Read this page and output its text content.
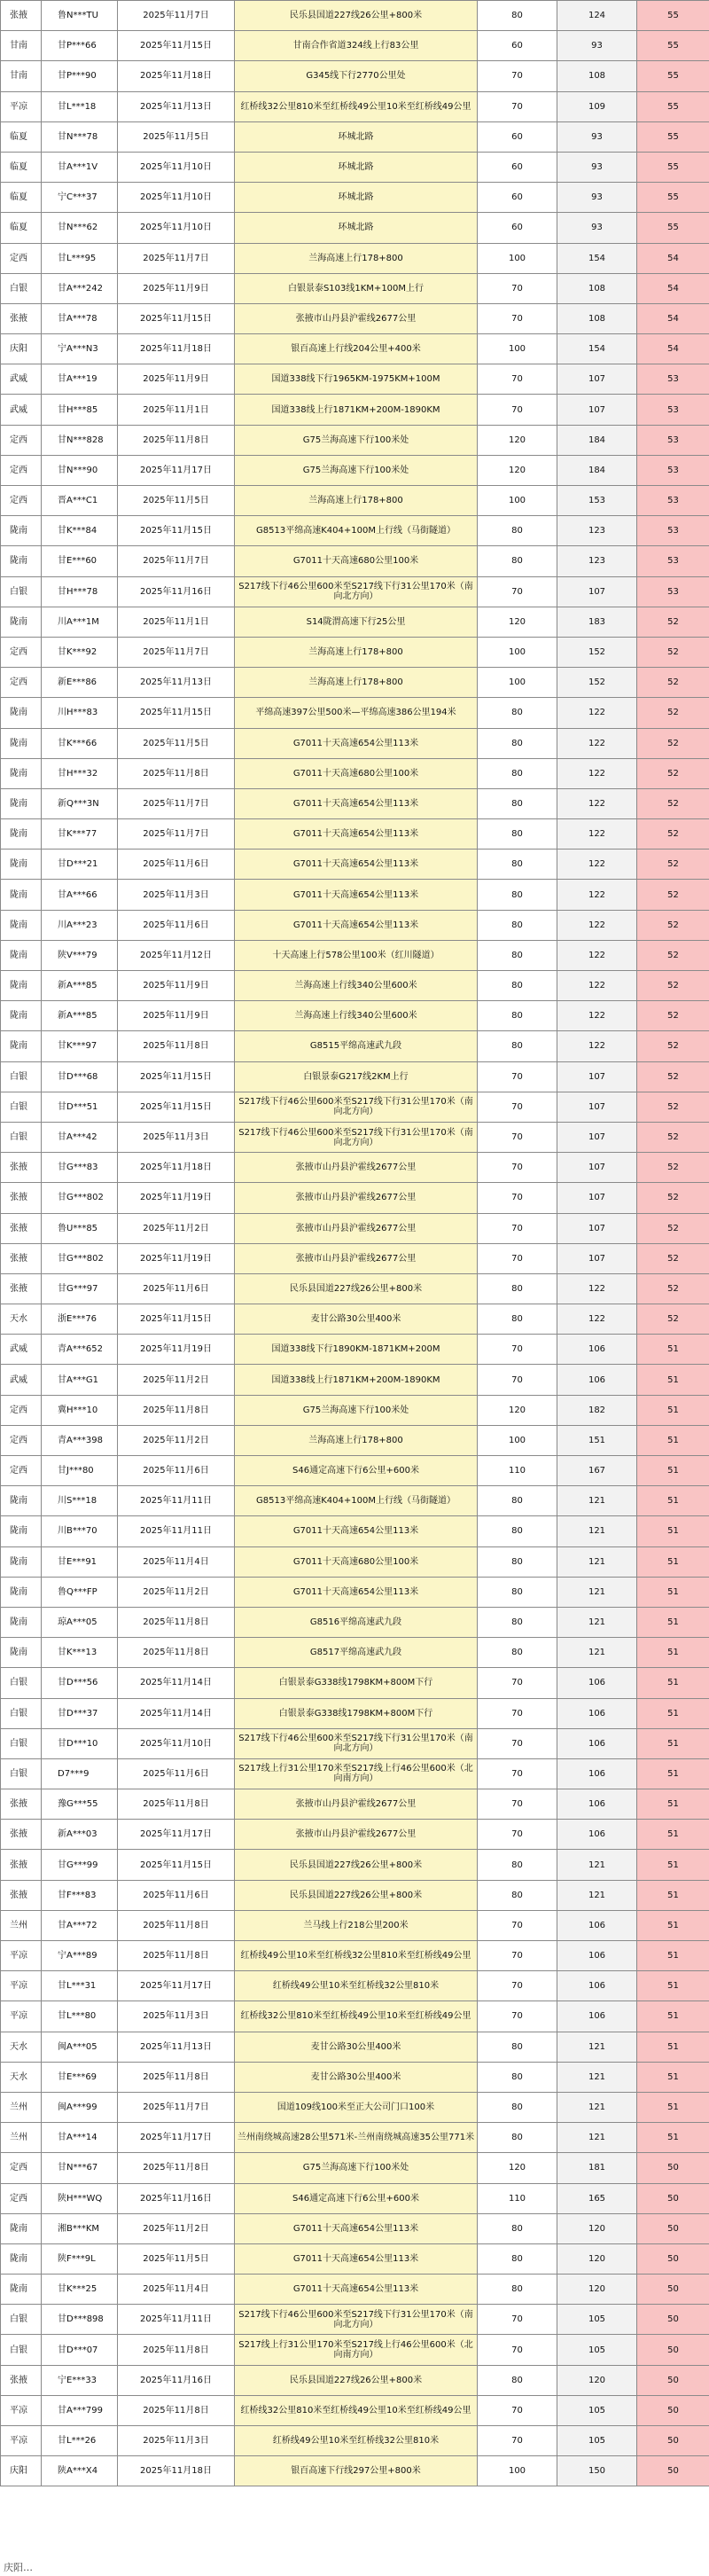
张掖	鲁N***TU	2025年11月7日	民乐县国道227线26公里+800米	80	124	55
甘南	甘P***66	2025年11月15日	甘南合作省道324线上行83公里	60	93	55
甘南	甘P***90	2025年11月18日	G345线下行2770公里处	70	108	55
平凉	甘L***18	2025年11月13日	红桥线32公里810米至红桥线49公里10米至红桥线49公里	70	109	55
临夏	甘N***78	2025年11月5日	环城北路	60	93	55
临夏	甘A***1V	2025年11月10日	环城北路	60	93	55
临夏	宁C***37	2025年11月10日	环城北路	60	93	55
临夏	甘N***62	2025年11月10日	环城北路	60	93	55
定西	甘L***95	2025年11月7日	兰海高速上行178+800	100	154	54
白银	甘A***242	2025年11月9日	白银景泰S103线1KM+100M上行	70	108	54
张掖	甘A***78	2025年11月15日	张掖市山丹县沪霍线2677公里	70	108	54
庆阳	宁A***N3	2025年11月18日	银百高速上行线204公里+400米	100	154	54
武威	甘A***19	2025年11月9日	国道338线下行1965KM-1975KM+100M	70	107	53
武威	甘H***85	2025年11月1日	国道338线上行1871KM+200M-1890KM	70	107	53
定西	甘N***828	2025年11月8日	G75兰海高速下行100米处	120	184	53
定西	甘N***90	2025年11月17日	G75兰海高速下行100米处	120	184	53
定西	晋A***C1	2025年11月5日	兰海高速上行178+800	100	153	53
陇南	甘K***84	2025年11月15日	G8513平绵高速K404+100M上行线（马街隧道）	80	123	53
陇南	甘E***60	2025年11月7日	G7011十天高速680公里100米	80	123	53
白银	甘H***78	2025年11月16日	S217线下行46公里600米至S217线下行31公里170米（南向北方向）	70	107	53
陇南	川A***1M	2025年11月1日	S14陇渭高速下行25公里	120	183	52
定西	甘K***92	2025年11月7日	兰海高速上行178+800	100	152	52
定西	新E***86	2025年11月13日	兰海高速上行178+800	100	152	52
陇南	川H***83	2025年11月15日	平绵高速397公里500米—平绵高速386公里194米	80	122	52
陇南	甘K***66	2025年11月5日	G7011十天高速654公里113米	80	122	52
陇南	甘H***32	2025年11月8日	G7011十天高速680公里100米	80	122	52
陇南	新Q***3N	2025年11月7日	G7011十天高速654公里113米	80	122	52
陇南	甘K***77	2025年11月7日	G7011十天高速654公里113米	80	122	52
陇南	甘D***21	2025年11月6日	G7011十天高速654公里113米	80	122	52
陇南	甘A***66	2025年11月3日	G7011十天高速654公里113米	80	122	52
陇南	川A***23	2025年11月6日	G7011十天高速654公里113米	80	122	52
陇南	陕V***79	2025年11月12日	十天高速上行578公里100米（红川隧道）	80	122	52
陇南	新A***85	2025年11月9日	兰海高速上行线340公里600米	80	122	52
陇南	新A***85	2025年11月9日	兰海高速上行线340公里600米	80	122	52
陇南	甘K***97	2025年11月8日	G8515平绵高速武九段	80	122	52
白银	甘D***68	2025年11月15日	白银景泰G217线2KM上行	70	107	52
白银	甘D***51	2025年11月15日	S217线下行46公里600米至S217线下行31公里170米（南向北方向）	70	107	52
白银	甘A***42	2025年11月3日	S217线下行46公里600米至S217线下行31公里170米（南向北方向）	70	107	52
张掖	甘G***83	2025年11月18日	张掖市山丹县沪霍线2677公里	70	107	52
张掖	甘G***802	2025年11月19日	张掖市山丹县沪霍线2677公里	70	107	52
张掖	鲁U***85	2025年11月2日	张掖市山丹县沪霍线2677公里	70	107	52
张掖	甘G***802	2025年11月19日	张掖市山丹县沪霍线2677公里	70	107	52
张掖	甘G***97	2025年11月6日	民乐县国道227线26公里+800米	80	122	52
天水	浙E***76	2025年11月15日	麦甘公路30公里400米	80	122	52
武威	青A***652	2025年11月19日	国道338线下行1890KM-1871KM+200M	70	106	51
武威	甘A***G1	2025年11月2日	国道338线上行1871KM+200M-1890KM	70	106	51
定西	冀H***10	2025年11月8日	G75兰海高速下行100米处	120	182	51
定西	青A***398	2025年11月2日	兰海高速上行178+800	100	151	51
定西	甘J***80	2025年11月6日	S46通定高速下行6公里+600米	110	167	51
陇南	川S***18	2025年11月11日	G8513平绵高速K404+100M上行线（马街隧道）	80	121	51
陇南	川B***70	2025年11月11日	G7011十天高速654公里113米	80	121	51
陇南	甘E***91	2025年11月4日	G7011十天高速680公里100米	80	121	51
陇南	鲁Q***FP	2025年11月2日	G7011十天高速654公里113米	80	121	51
陇南	琼A***05	2025年11月8日	G8516平绵高速武九段	80	121	51
陇南	甘K***13	2025年11月8日	G8517平绵高速武九段	80	121	51
白银	甘D***56	2025年11月14日	白银景泰G338线1798KM+800M下行	70	106	51
白银	甘D***37	2025年11月14日	白银景泰G338线1798KM+800M下行	70	106	51
白银	甘D***10	2025年11月10日	S217线下行46公里600米至S217线下行31公里170米（南向北方向）	70	106	51
白银	D7***9	2025年11月6日	S217线上行31公里170米至S217线上行46公里600米（北向南方向）	70	106	51
张掖	豫G***55	2025年11月8日	张掖市山丹县沪霍线2677公里	70	106	51
张掖	新A***03	2025年11月17日	张掖市山丹县沪霍线2677公里	70	106	51
张掖	甘G***99	2025年11月15日	民乐县国道227线26公里+800米	80	121	51
张掖	甘F***83	2025年11月6日	民乐县国道227线26公里+800米	80	121	51
兰州	甘A***72	2025年11月8日	兰马线上行218公里200米	70	106	51
平凉	宁A***89	2025年11月8日	红桥线49公里10米至红桥线32公里810米至红桥线49公里	70	106	51
平凉	甘L***31	2025年11月17日	红桥线49公里10米至红桥线32公里810米	70	106	51
平凉	甘L***80	2025年11月3日	红桥线32公里810米至红桥线49公里10米至红桥线49公里	70	106	51
天水	闽A***05	2025年11月13日	麦甘公路30公里400米	80	121	51
天水	甘E***69	2025年11月8日	麦甘公路30公里400米	80	121	51
兰州	闽A***99	2025年11月7日	国道109线100米至正大公司门口100米	80	121	51
兰州	甘A***14	2025年11月17日	兰州南绕城高速28公里571米-兰州南绕城高速35公里771米	80	121	51
定西	甘N***67	2025年11月8日	G75兰海高速下行100米处	120	181	50
定西	陕H***WQ	2025年11月16日	S46通定高速下行6公里+600米	110	165	50
陇南	湘B***KM	2025年11月2日	G7011十天高速654公里113米	80	120	50
陇南	陕F***9L	2025年11月5日	G7011十天高速654公里113米	80	120	50
陇南	甘K***25	2025年11月4日	G7011十天高速654公里113米	80	120	50
白银	甘D***898	2025年11月11日	S217线下行46公里600米至S217线下行31公里170米（南向北方向）	70	105	50
白银	甘D***07	2025年11月8日	S217线上行31公里170米至S217线上行46公里600米（北向南方向）	70	105	50
张掖	宁E***33	2025年11月16日	民乐县国道227线26公里+800米	80	120	50
平凉	甘A***799	2025年11月8日	红桥线32公里810米至红桥线49公里10米至红桥线49公里	70	105	50
平凉	甘L***26	2025年11月3日	红桥线49公里10米至红桥线32公里810米	70	105	50
庆阳	陕A***X4	2025年11月18日	银百高速下行线297公里+800米	100	150	50
庆阳…
